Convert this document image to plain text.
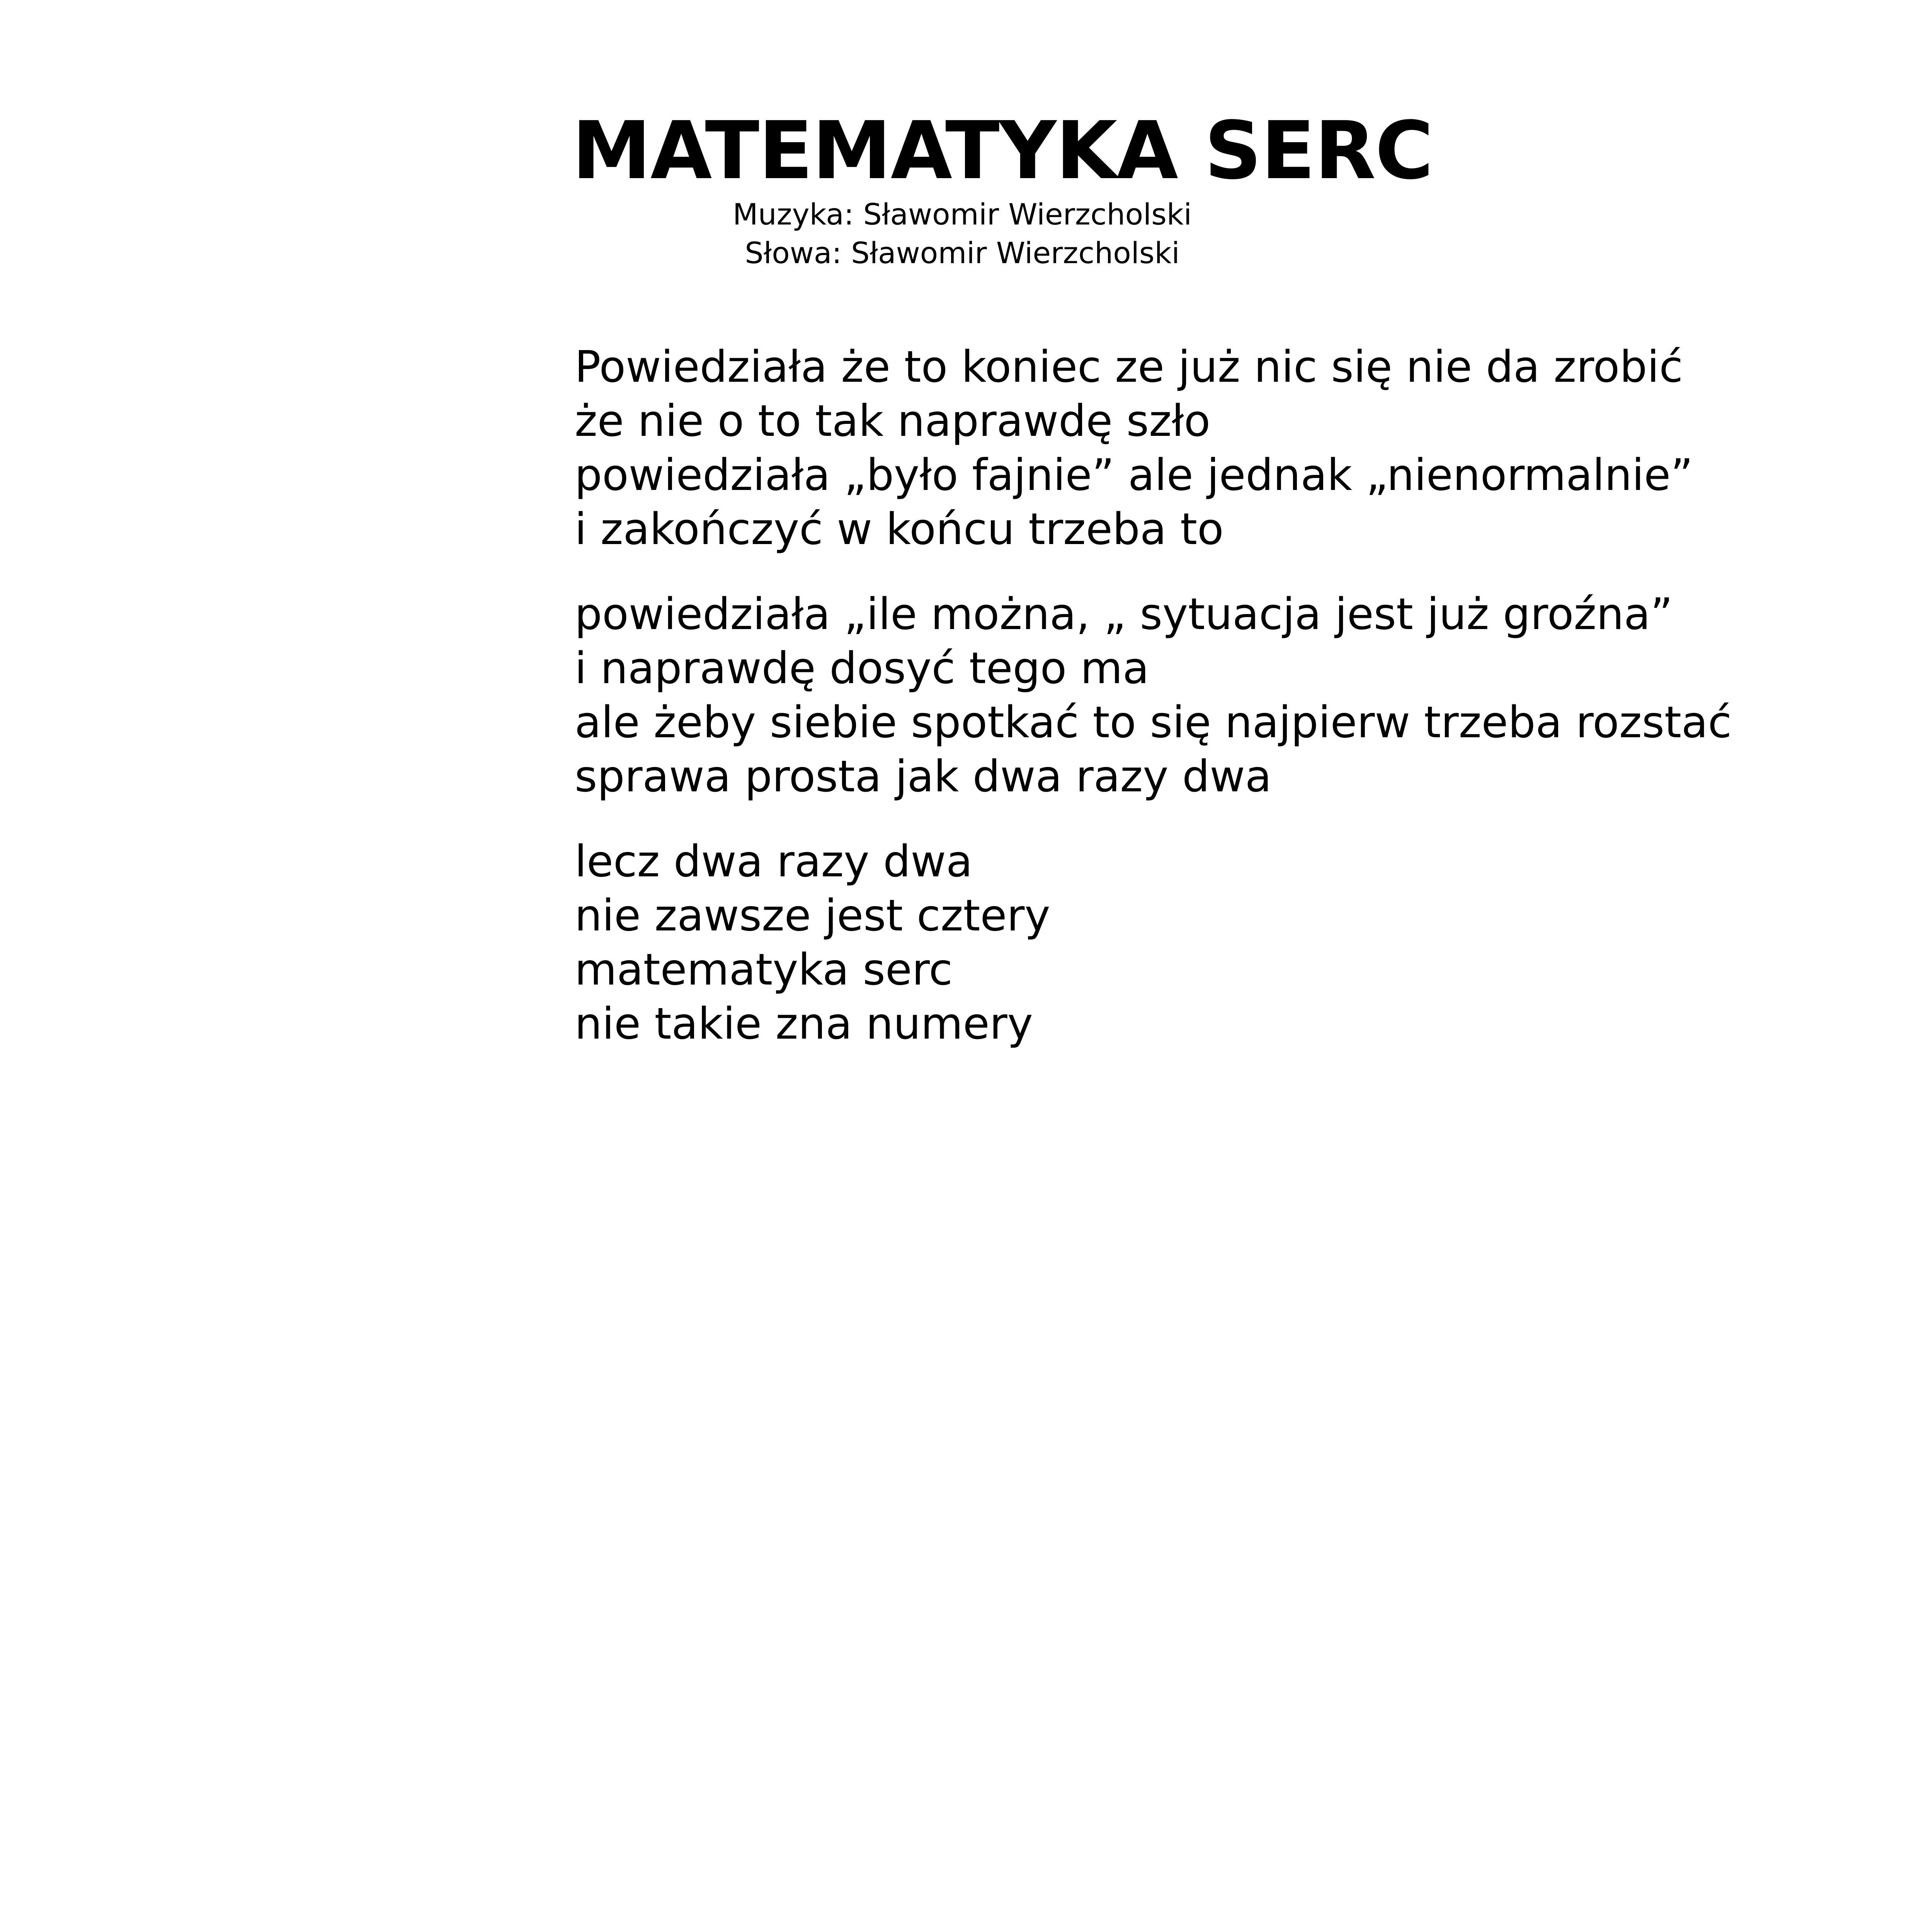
MATEMATYKA SERC
Muzyka: Sławomir Wierzcholski
Słowa: Sławomir Wierzcholski
Powiedziała że to koniec ze już nic się nie da zrobić
że nie o to tak naprawdę szło
powiedziała „było fajnie” ale jednak „nienormalnie”
i zakończyć w końcu trzeba to
powiedziała „ile można, „ sytuacja jest już groźna”
i naprawdę dosyć tego ma
ale żeby siebie spotkać to się najpierw trzeba rozstać
sprawa prosta jak dwa razy dwa
lecz dwa razy dwa
nie zawsze jest cztery
matematyka serc
nie takie zna numery
